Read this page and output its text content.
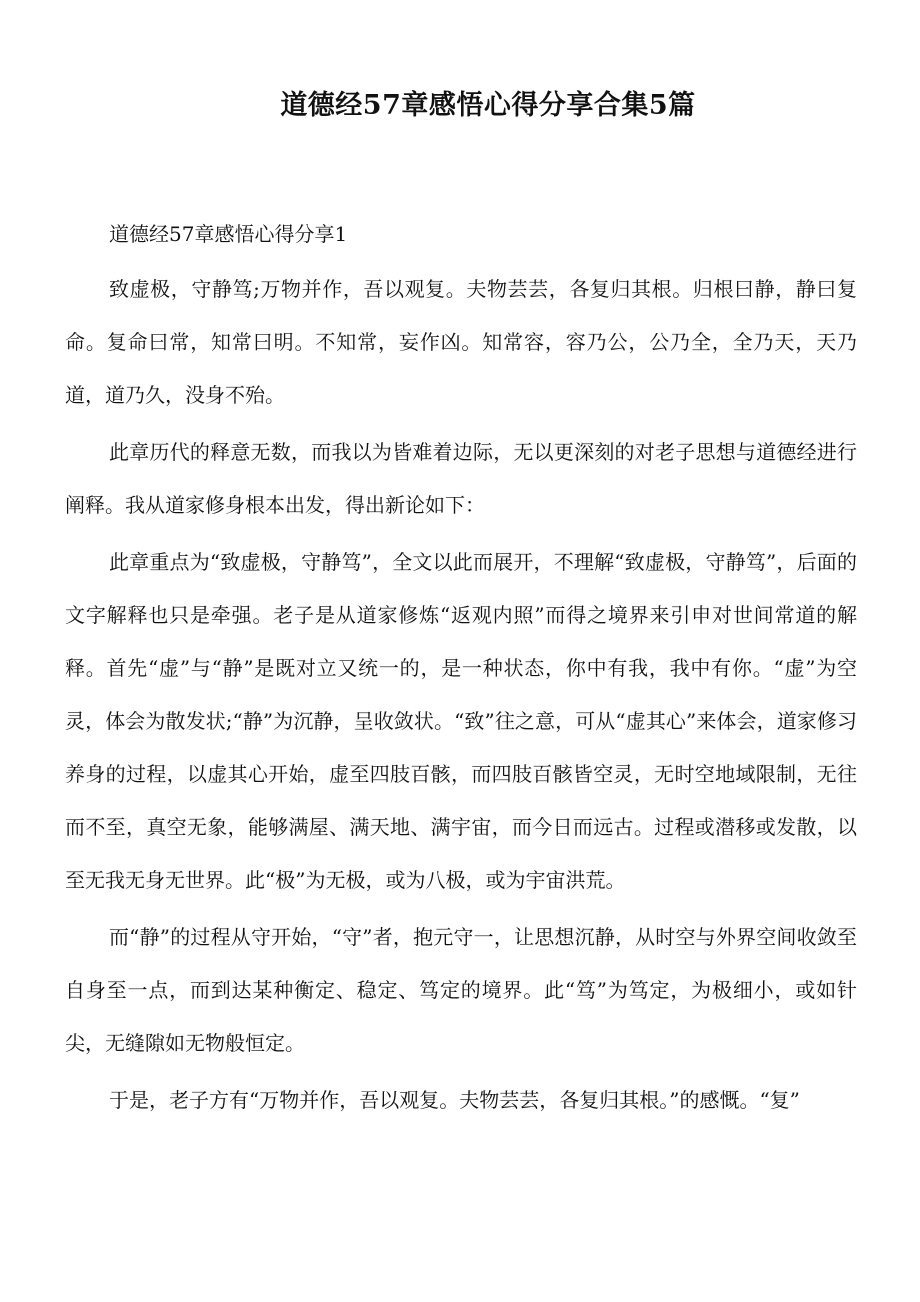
道德经57章感悟心得分享合集5篇

道德经57章感悟心得分享1

致虚极，守静笃;万物并作，吾以观复。夫物芸芸，各复归其根。归根曰静，静曰复命。复命曰常，知常曰明。不知常，妄作凶。知常容，容乃公，公乃全，全乃天，天乃道，道乃久，没身不殆。

此章历代的释意无数，而我以为皆难着边际，无以更深刻的对老子思想与道德经进行阐释。我从道家修身根本出发，得出新论如下：

此章重点为“致虚极，守静笃”，全文以此而展开，不理解“致虚极，守静笃”，后面的文字解释也只是牵强。老子是从道家修炼“返观内照”而得之境界来引申对世间常道的解释。首先“虚”与“静”是既对立又统一的，是一种状态，你中有我，我中有你。“虚”为空灵，体会为散发状;“静”为沉静，呈收敛状。“致”往之意，可从“虚其心”来体会，道家修习养身的过程，以虚其心开始，虚至四肢百骸，而四肢百骸皆空灵，无时空地域限制，无往而不至，真空无象，能够满屋、满天地、满宇宙，而今日而远古。过程或潜移或发散，以至无我无身无世界。此“极”为无极，或为八极，或为宇宙洪荒。

而“静”的过程从守开始，“守”者，抱元守一，让思想沉静，从时空与外界空间收敛至自身至一点，而到达某种衡定、稳定、笃定的境界。此“笃”为笃定，为极细小，或如针尖，无缝隙如无物般恒定。

于是，老子方有“万物并作，吾以观复。夫物芸芸，各复归其根。”的感慨。“复”
